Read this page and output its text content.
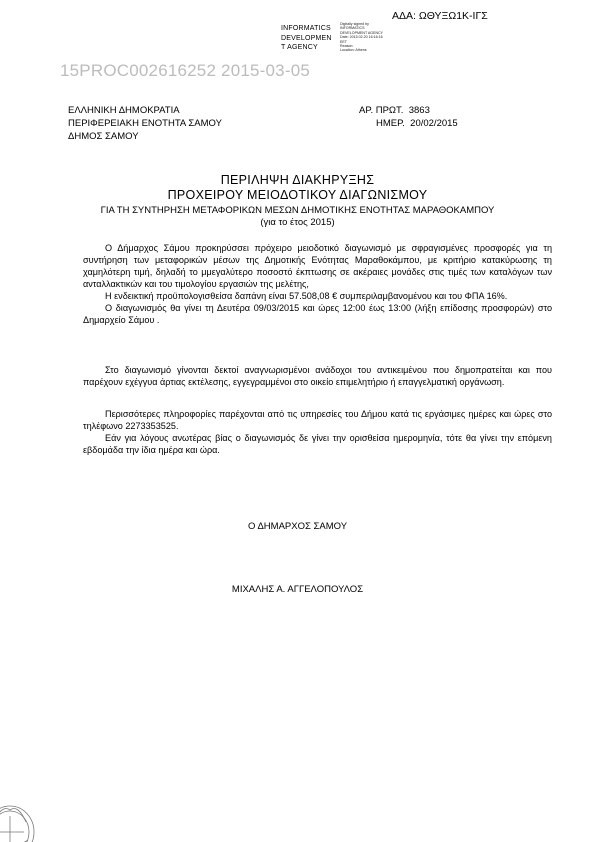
ΑΔΑ: ΩΘΥΞΩ1Κ-ΙΓΣ
INFORMATICS
DEVELOPMEN
T AGENCY
Digitally signed by
INFORMATICS
DEVELOPMENT AGENCY
Date: 2015.02.20 16:16:16
EET
Reason:
Location: Athens
15PROC002616252 2015-03-05
ΕΛΛΗΝΙΚΗ ΔΗΜΟΚΡΑΤΙΑ
ΠΕΡΙΦΕΡΕΙΑΚΗ ΕΝΟΤΗΤΑ ΣΑΜΟΥ
ΔΗΜΟΣ ΣΑΜΟΥ
ΑΡ. ΠΡΩΤ. 3863
ΗΜΕΡ. 20/02/2015
ΠΕΡΙΛΗΨΗ ΔΙΑΚΗΡΥΞΗΣ
ΠΡΟΧΕΙΡΟΥ ΜΕΙΟΔΟΤΙΚΟΥ ΔΙΑΓΩΝΙΣΜΟΥ
ΓΙΑ ΤΗ ΣΥΝΤΗΡΗΣΗ ΜΕΤΑΦΟΡΙΚΩΝ ΜΕΣΩΝ ΔΗΜΟΤΙΚΗΣ ΕΝΟΤΗΤΑΣ ΜΑΡΑΘΟΚΑΜΠΟΥ
(για το έτος 2015)

Ο Δήμαρχος Σάμου προκηρύσσει πρόχειρο μειοδοτικό διαγωνισμό με σφραγισμένες προσφορές για τη συντήρηση των μεταφορικών μέσων της Δημοτικής Ενότητας Μαραθοκάμπου, με κριτήριο κατακύρωσης τη χαμηλότερη τιμή, δηλαδή το μμεγαλύτερο ποσοστό έκπτωσης σε ακέραιες μονάδες στις τιμές των καταλόγων των ανταλλακτικών και του τιμολογίου εργασιών της μελέτης,

Η ενδεικτική προϋπολογισθείσα δαπάνη είναι 57.508,08 € συμπεριλαμβανομένου και του ΦΠΑ 16%.

Ο διαγωνισμός θα γίνει τη Δευτέρα 09/03/2015 και ώρες 12:00 έως 13:00 (λήξη επίδοσης προσφορών) στο Δημαρχείο Σάμου .

Στο διαγωνισμό γίνονται δεκτοί αναγνωρισμένοι ανάδοχοι του αντικειμένου που δημοπρατείται και που παρέχουν εχέγγυα άρτιας εκτέλεσης, εγγεγραμμένοι στο οικείο επιμελητήριο ή επαγγελματική οργάνωση.

Περισσότερες πληροφορίες παρέχονται από τις υπηρεσίες του Δήμου κατά τις εργάσιμες ημέρες και ώρες στο τηλέφωνο 2273353525.

Εάν για λόγους ανωτέρας βίας ο διαγωνισμός δε γίνει την ορισθείσα ημερομηνία, τότε θα γίνει την επόμενη εβδομάδα την ίδια ημέρα και ώρα.

Ο ΔΗΜΑΡΧΟΣ ΣΑΜΟΥ
ΜΙΧΑΛΗΣ Α. ΑΓΓΕΛΟΠΟΥΛΟΣ
